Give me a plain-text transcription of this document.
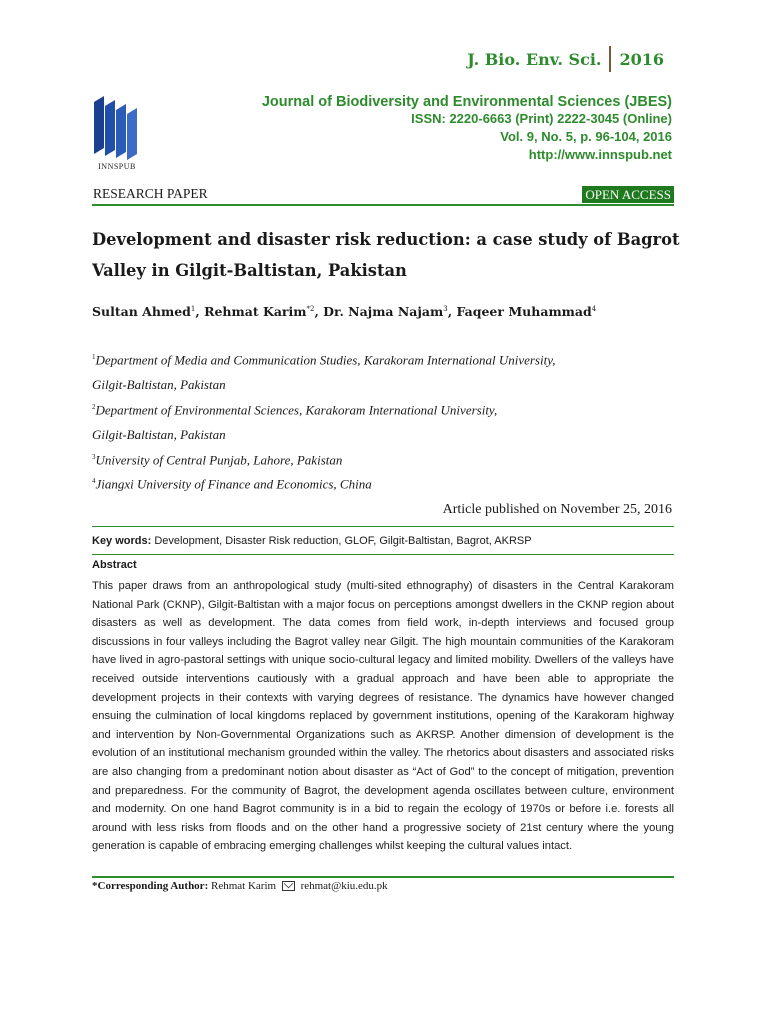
J. Bio. Env. Sci.	2016
INNSPUB
Journal of Biodiversity and Environmental Sciences (JBES)
ISSN: 2220-6663 (Print) 2222-3045 (Online)
Vol. 9, No. 5, p. 96-104, 2016
http://www.innspub.net
RESEARCH PAPER	OPEN ACCESS
Development and disaster risk reduction: a case study of Bagrot Valley in Gilgit-Baltistan, Pakistan
Sultan Ahmed$^1$, Rehmat Karim$^{*2}$, Dr. Najma Najam$^3$, Faqeer Muhammad$^4$
$^1$Department of Media and Communication Studies, Karakoram International University,
Gilgit-Baltistan, Pakistan
$^2$Department of Environmental Sciences, Karakoram International University,
Gilgit-Baltistan, Pakistan
$^3$University of Central Punjab, Lahore, Pakistan
$^4$Jiangxi University of Finance and Economics, China
Article published on November 25, 2016
Key words: Development, Disaster Risk reduction, GLOF, Gilgit-Baltistan, Bagrot, AKRSP
Abstract
This paper draws from an anthropological study (multi-sited ethnography) of disasters in the Central Karakoram National Park (CKNP), Gilgit-Baltistan with a major focus on perceptions amongst dwellers in the CKNP region about disasters as well as development. The data comes from field work, in-depth interviews and focused group discussions in four valleys including the Bagrot valley near Gilgit. The high mountain communities of the Karakoram have lived in agro-pastoral settings with unique socio-cultural legacy and limited mobility. Dwellers of the valleys have received outside interventions cautiously with a gradual approach and have been able to appropriate the development projects in their contexts with varying degrees of resistance. The dynamics have however changed ensuing the culmination of local kingdoms replaced by government institutions, opening of the Karakoram highway and intervention by Non-Governmental Organizations such as AKRSP. Another dimension of development is the evolution of an institutional mechanism grounded within the valley. The rhetorics about disasters and associated risks are also changing from a predominant notion about disaster as “Act of God” to the concept of mitigation, prevention and preparedness. For the community of Bagrot, the development agenda oscillates between culture, environment and modernity. On one hand Bagrot community is in a bid to regain the ecology of 1970s or before i.e. forests all around with less risks from floods and on the other hand a progressive society of 21st century where the young generation is capable of embracing emerging challenges whilst keeping the cultural values intact.
*Corresponding Author: Rehmat Karim rehmat@kiu.edu.pk
